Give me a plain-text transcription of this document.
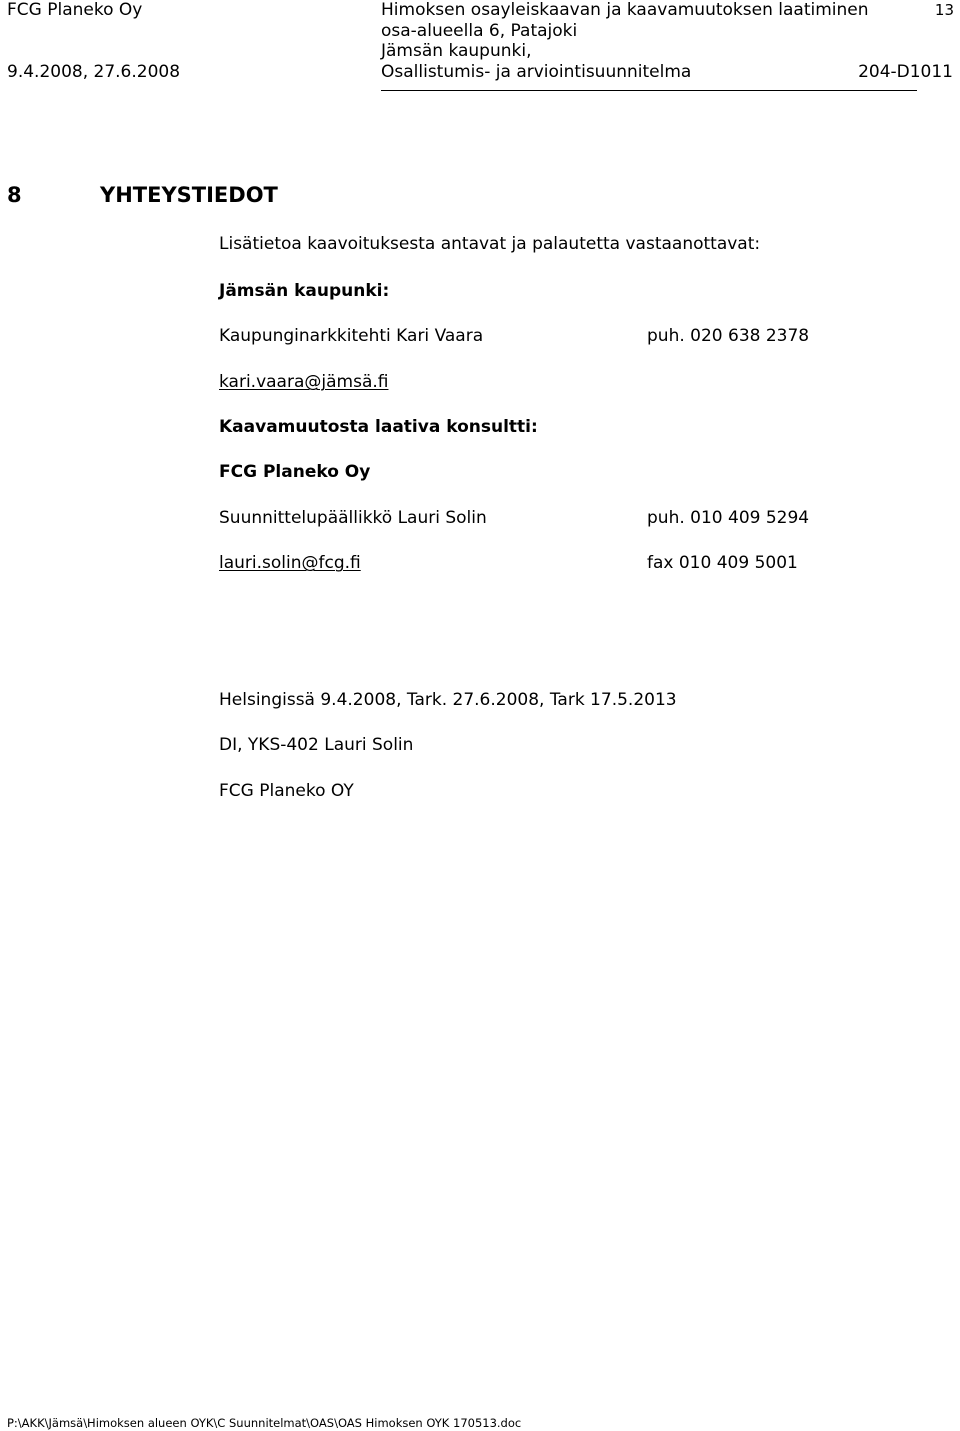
FCG Planeko Oy
9.4.2008, 27.6.2008
Himoksen osayleiskaavan ja kaavamuutoksen laatiminen
osa-alueella 6, Patajoki
Jämsän kaupunki,
Osallistumis- ja arviointisuunnitelma
13
204-D1011
8	YHTEYSTIEDOT
Lisätietoa kaavoituksesta antavat ja palautetta vastaanottavat:
Jämsän kaupunki:
Kaupunginarkkitehti Kari Vaara	puh. 020 638 2378
kari.vaara@jämsä.fi
Kaavamuutosta laativa konsultti:
FCG Planeko Oy
Suunnittelupäällikkö Lauri Solin	puh. 010 409 5294
lauri.solin@fcg.fi	fax 010 409 5001
Helsingissä 9.4.2008, Tark. 27.6.2008, Tark 17.5.2013
DI, YKS-402 Lauri Solin
FCG Planeko OY
P:\AKK\Jämsä\Himoksen alueen OYK\C Suunnitelmat\OAS\OAS Himoksen OYK 170513.doc
